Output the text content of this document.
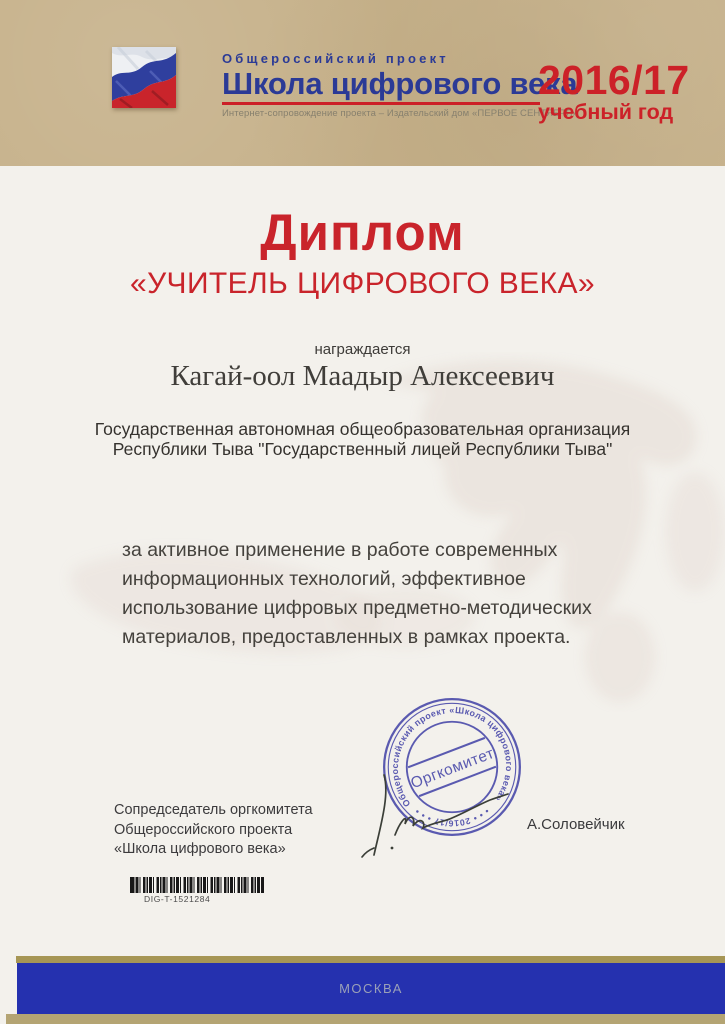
Общероссийский проект
Школа цифрового века
Интернет-сопровождение проекта – Издательский дом «ПЕРВОЕ СЕНТЯБРЯ»
2016/17
учебный год
Диплом
«УЧИТЕЛЬ ЦИФРОВОГО ВЕКА»
награждается
Кагай-оол Маадыр Алексеевич
Государственная автономная общеобразовательная организация
Республики Тыва "Государственный лицей Республики Тыва"
за активное применение в работе современных
информационных технологий, эффективное
использование цифровых предметно-методических
материалов, предоставленных в рамках проекта.
Общероссийский проект «Школа цифрового века»
• • • 2016/17 • • •
Оргкомитет
А.Соловейчик
Сопредседатель оргкомитета
Общероссийского проекта
«Школа цифрового века»
DIG-T-1521284
МОСКВА
